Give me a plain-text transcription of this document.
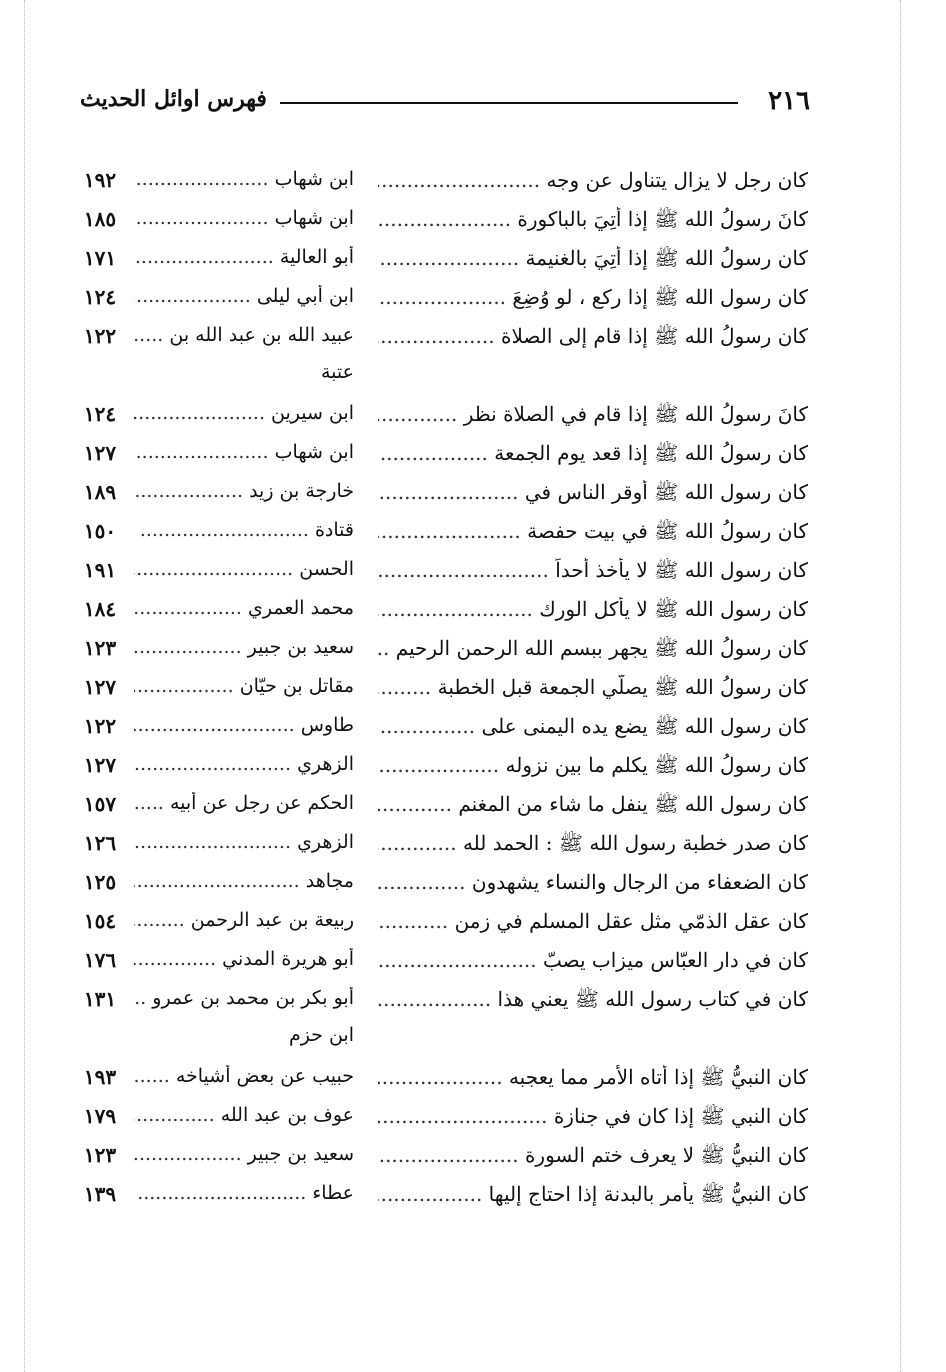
٢١٦
فهرس اوائل الحديث
كان رجل لا يزال يتناول عن وجه .....
ابن شهاب .....
١٩٢
كانَ رسولُ الله ﷺ إذا أُتِيَ بالباكورة .....
ابن شهاب .....
١٨٥
كان رسولُ الله ﷺ إذا أُتِيَ بالغنيمة .....
أبو العالية .....
١٧١
كان رسول الله ﷺ إذا ركع ، لو وُضِعَ .....
ابن أبي ليلى .....
١٢٤
كان رسولُ الله ﷺ إذا قام إلى الصلاة .....
عبيد الله بن عبد الله بن .....
١٢٢
عتبة
كانَ رسولُ الله ﷺ إذا قام في الصلاة نظر .....
ابن سيرين .....
١٢٤
كان رسولُ الله ﷺ إذا قعد يوم الجمعة .....
ابن شهاب .....
١٢٧
كان رسول الله ﷺ أوقر الناس في .....
خارجة بن زيد .....
١٨٩
كان رسولُ الله ﷺ في بيت حفصة .....
قتادة .....
١٥٠
كان رسول الله ﷺ لا يأخذ أحداً .....
الحسن .....
١٩١
كان رسول الله ﷺ لا يأكل الورك .....
محمد العمري .....
١٨٤
كان رسولُ الله ﷺ يجهر ببسم الله الرحمن الرحيم .....
سعيد بن جبير .....
١٢٣
كان رسولُ الله ﷺ يصلّي الجمعة قبل الخطبة .....
مقاتل بن حيّان .....
١٢٧
كان رسول الله ﷺ يضع يده اليمنى على .....
طاوس .....
١٢٢
كان رسولُ الله ﷺ يكلم ما بين نزوله .....
الزهري .....
١٢٧
كان رسول الله ﷺ ينفل ما شاء من المغنم .....
الحكم عن رجل عن أبيه .....
١٥٧
كان صدر خطبة رسول الله ﷺ : الحمد لله .....
الزهري .....
١٢٦
كان الضعفاء من الرجال والنساء يشهدون .....
مجاهد .....
١٢٥
كان عقل الذمّي مثل عقل المسلم في زمن .....
ربيعة بن عبد الرحمن .....
١٥٤
كان في دار العبّاس ميزاب يصبّ .....
أبو هريرة المدني .....
١٧٦
كان في كتاب رسول الله ﷺ يعني هذا .....
أبو بكر بن محمد بن عمرو .....
١٣١
ابن حزم
كان النبيُّ ﷺ إذا أتاه الأمر مما يعجبه .....
حبيب عن بعض أشياخه .....
١٩٣
كان النبي ﷺ إذا كان في جنازة .....
عوف بن عبد الله .....
١٧٩
كان النبيُّ ﷺ لا يعرف ختم السورة .....
سعيد بن جبير .....
١٢٣
كان النبيُّ ﷺ يأمر بالبدنة إذا احتاج إليها .....
عطاء .....
١٣٩
